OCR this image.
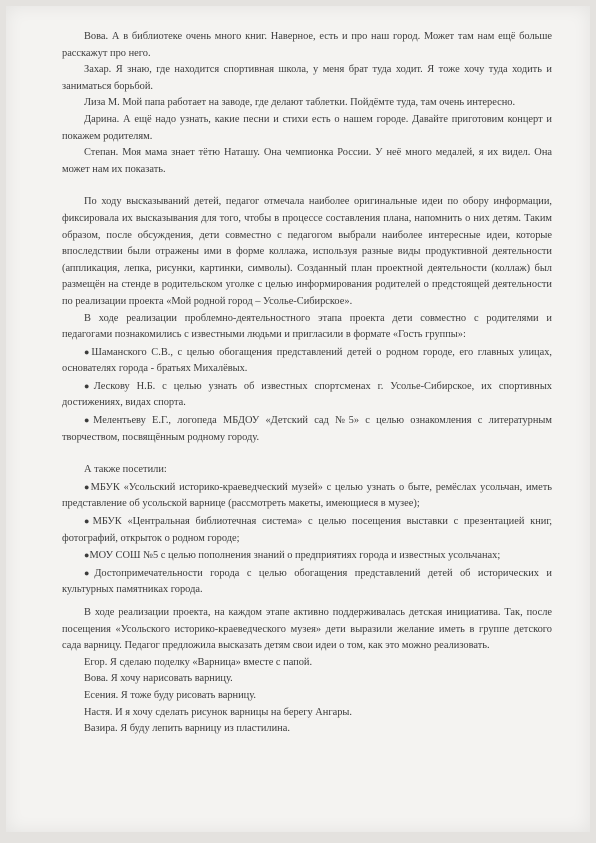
Вова. А в библиотеке очень много книг. Наверное, есть и про наш город. Может там нам ещё больше расскажут про него.

Захар. Я знаю, где находится спортивная школа, у меня брат туда ходит. Я тоже хочу туда ходить и заниматься борьбой.

Лиза М. Мой папа работает на заводе, где делают таблетки. Пойдёмте туда, там очень интересно.

Дарина. А ещё надо узнать, какие песни и стихи есть о нашем городе. Давайте приготовим концерт и покажем родителям.

Степан. Моя мама знает тётю Наташу. Она чемпионка России. У неё много медалей, я их видел. Она может нам их показать.

По ходу высказываний детей, педагог отмечала наиболее оригинальные идеи по обору информации, фиксировала их высказывания для того, чтобы в процессе составления плана, напомнить о них детям. Таким образом, после обсуждения, дети совместно с педагогом выбрали наиболее интересные идеи, которые впоследствии были отражены ими в форме коллажа, используя разные виды продуктивной деятельности (аппликация, лепка, рисунки, картинки, символы). Созданный план проектной деятельности (коллаж) был размещён на стенде в родительском уголке с целью информирования родителей о предстоящей деятельности по реализации проекта «Мой родной город – Усолье-Сибирское».

В ходе реализации проблемно-деятельностного этапа проекта дети совместно с родителями и педагогами познакомились с известными людьми и пригласили в формате «Гость группы»:

●Шаманского С.В., с целью обогащения представлений детей о родном городе, его главных улицах, основателях города - братьях Михалёвых.

●Лескову Н.Б. с целью узнать об известных спортсменах г. Усолье-Сибирское, их спортивных достижениях, видах спорта.

●Мелентьеву Е.Г., логопеда МБДОУ «Детский сад №5» с целью ознакомления с литературным творчеством, посвящённым родному городу.

А также посетили:

●МБУК «Усольский историко-краеведческий музей» с целью узнать о быте, ремёслах усольчан, иметь представление об усольской варнице (рассмотреть макеты, имеющиеся в музее);

●МБУК «Центральная библиотечная система» с целью посещения выставки с презентацией книг, фотографий, открыток о родном городе;

●МОУ СОШ №5 с целью пополнения знаний о предприятиях города и известных усольчанах;

●Достопримечательности города с целью обогащения представлений детей об исторических и культурных памятниках города.

В ходе реализации проекта, на каждом этапе активно поддерживалась детская инициатива. Так, после посещения «Усольского историко-краеведческого музея» дети выразили желание иметь в группе детского сада варницу. Педагог предложила высказать детям свои идеи о том, как это можно реализовать.

Егор. Я сделаю поделку «Варница» вместе с папой.

Вова. Я хочу нарисовать варницу.

Есения. Я тоже буду рисовать варницу.

Настя. И я хочу сделать рисунок варницы на берегу Ангары.

Вазира. Я буду лепить варницу из пластилина.
